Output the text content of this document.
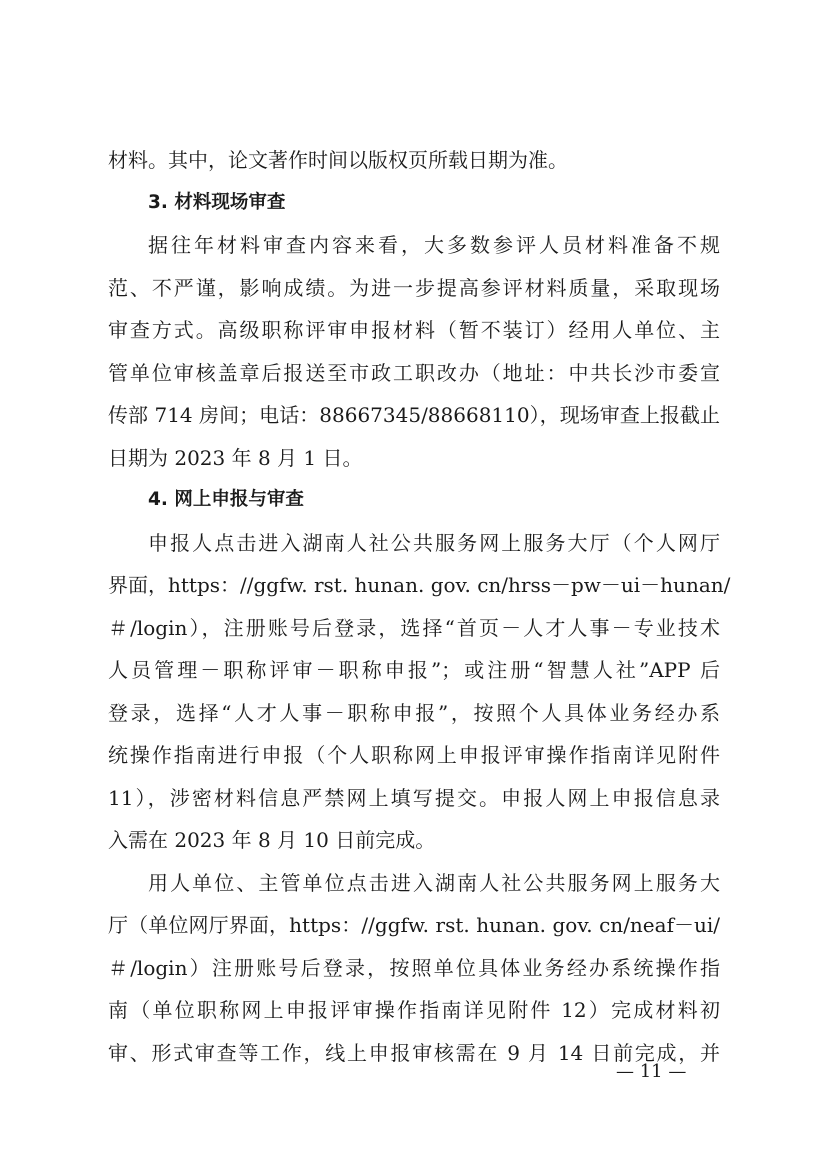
材料。其中，论文著作时间以版权页所载日期为准。
3. 材料现场审查
据往年材料审查内容来看，大多数参评人员材料准备不规
范、不严谨，影响成绩。为进一步提高参评材料质量，采取现场
审查方式。高级职称评审申报材料（暂不装订）经用人单位、主
管单位审核盖章后报送至市政工职改办（地址：中共长沙市委宣
传部 714 房间；电话：88667345/88668110），现场审查上报截止
日期为 2023 年 8 月 1 日。
4. 网上申报与审查
申报人点击进入湖南人社公共服务网上服务大厅（个人网厅
界面，https：//ggfw. rst. hunan. gov. cn/hrss－pw－ui－hunan/
＃/login），注册账号后登录，选择“首页－人才人事－专业技术
人员管理－职称评审－职称申报”；或注册“智慧人社”APP 后
登录，选择“人才人事－职称申报”，按照个人具体业务经办系
统操作指南进行申报（个人职称网上申报评审操作指南详见附件
11），涉密材料信息严禁网上填写提交。申报人网上申报信息录
入需在 2023 年 8 月 10 日前完成。
用人单位、主管单位点击进入湖南人社公共服务网上服务大
厅（单位网厅界面，https：//ggfw. rst. hunan. gov. cn/neaf－ui/
＃/login）注册账号后登录，按照单位具体业务经办系统操作指
南（单位职称网上申报评审操作指南详见附件 12）完成材料初
审、形式审查等工作，线上申报审核需在 9 月 14 日前完成，并
— 11 —
